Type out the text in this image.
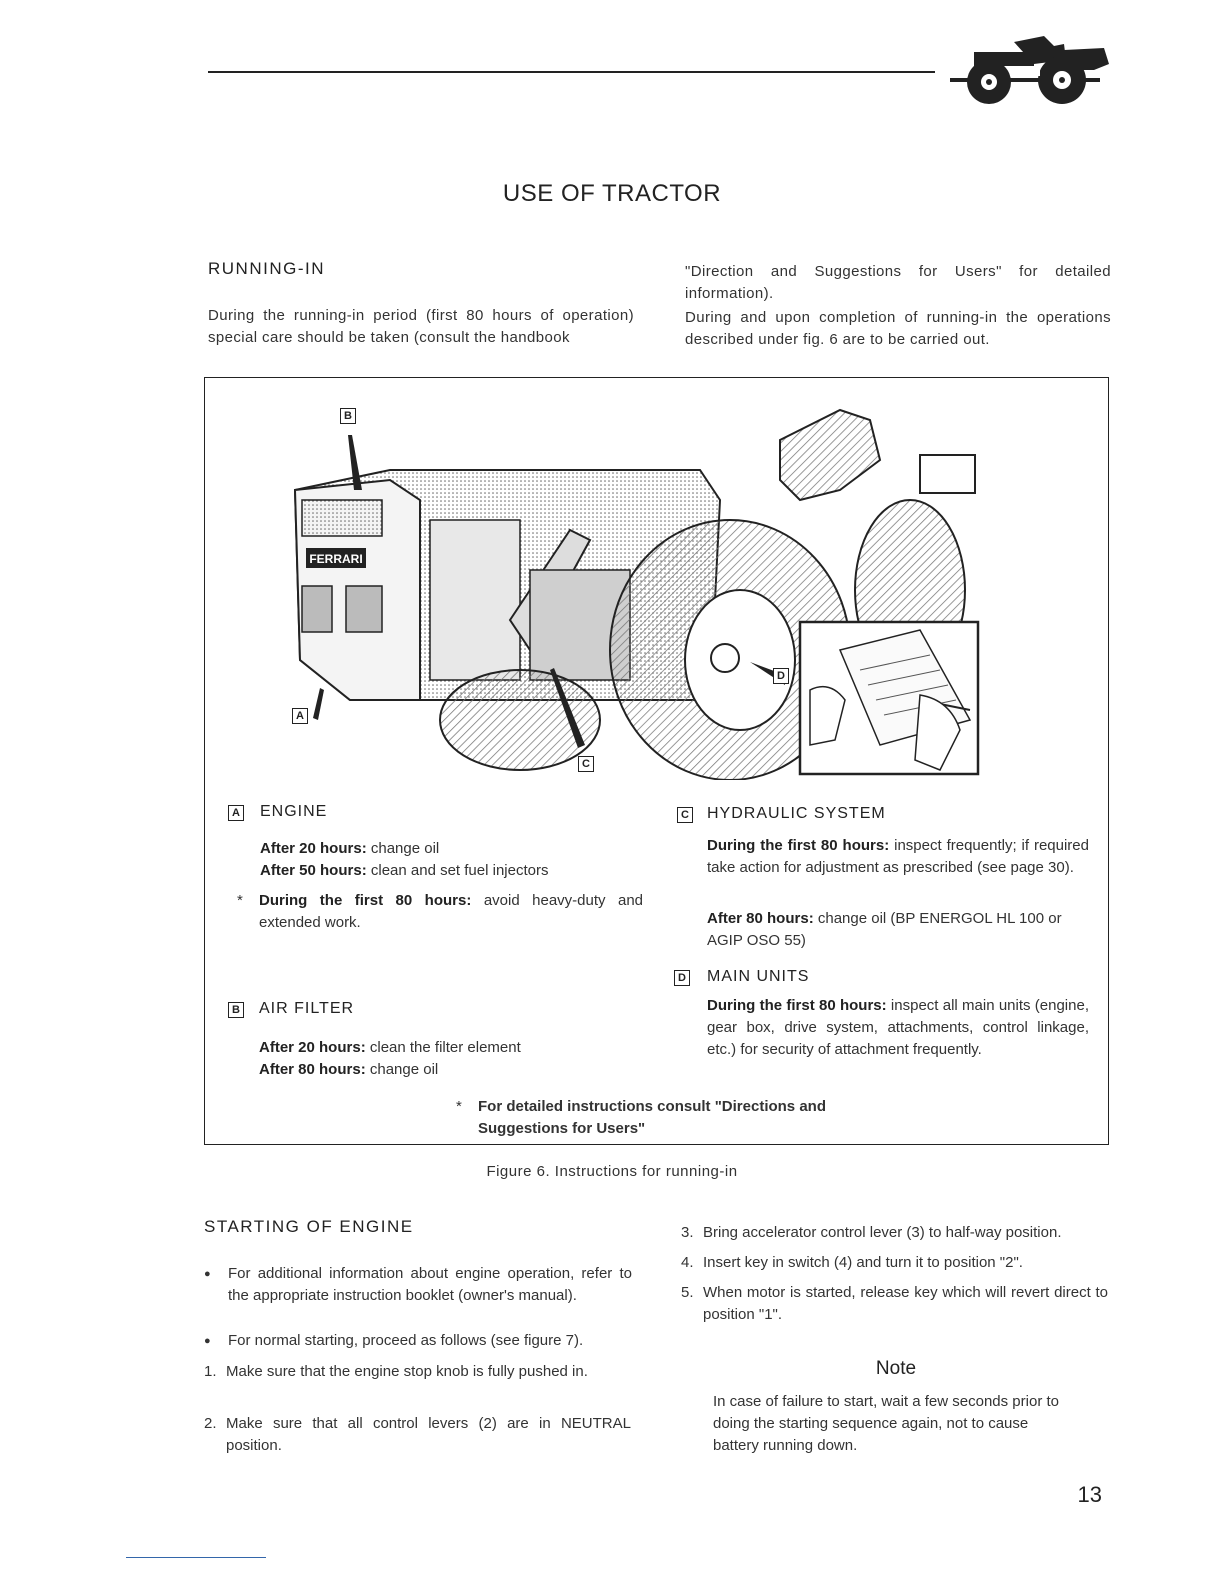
USE OF TRACTOR
RUNNING-IN
During the running-in period (first 80 hours of operation) special care should be taken (consult the handbook
"Direction and Suggestions for Users" for detailed information).
During and upon completion of running-in the operations described under fig. 6 are to be carried out.
FERRARI
B
A
C
D
A ENGINE
After 20 hours: change oil
After 50 hours: clean and set fuel injectors
* During the first 80 hours: avoid heavy-duty and extended work.
B AIR FILTER
After 20 hours: clean the filter element
After 80 hours: change oil
C HYDRAULIC SYSTEM
During the first 80 hours: inspect frequently; if required take action for adjustment as prescribed (see page 30).
After 80 hours: change oil (BP ENERGOL HL 100 or AGIP OSO 55)
D MAIN UNITS
During the first 80 hours: inspect all main units (engine, gear box, drive system, attachments, control linkage, etc.) for security of attachment frequently.
* For detailed instructions consult "Directions and Suggestions for Users"
Figure 6. Instructions for running-in
STARTING OF ENGINE
● For additional information about engine operation, refer to the appropriate instruction booklet (owner's manual).
● For normal starting, proceed as follows (see figure 7).
1. Make sure that the engine stop knob is fully pushed in.
2. Make sure that all control levers (2) are in NEUTRAL position.
3. Bring accelerator control lever (3) to half-way position.
4. Insert key in switch (4) and turn it to position "2".
5. When motor is started, release key which will revert direct to position "1".
Note
In case of failure to start, wait a few seconds prior to doing the starting sequence again, not to cause battery running down.
13
